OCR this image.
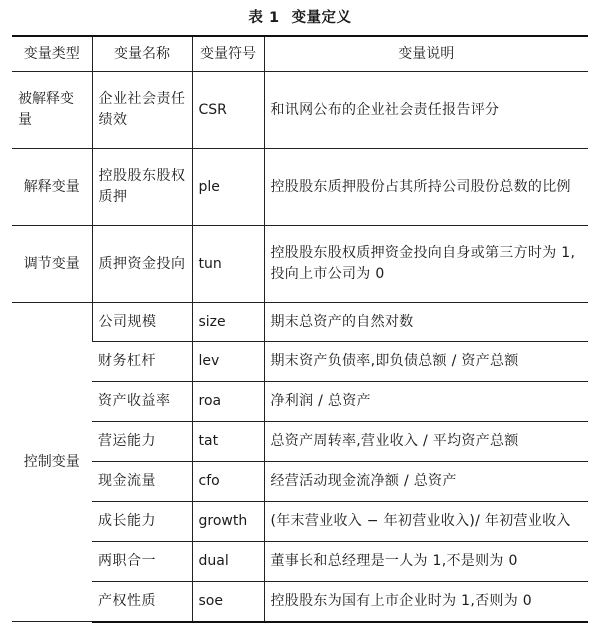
表 1 变量定义
变量类型	变量名称	变量符号	变量说明
被解释变量	企业社会责任绩效	CSR	和讯网公布的企业社会责任报告评分
解释变量	控股股东股权质押	ple	控股股东质押股份占其所持公司股份总数的比例
调节变量	质押资金投向	tun	控股股东股权质押资金投向自身或第三方时为 1,投向上市公司为 0
控制变量	公司规模	size	期末总资产的自然对数
	财务杠杆	lev	期末资产负债率,即负债总额 / 资产总额
	资产收益率	roa	净利润 / 总资产
	营运能力	tat	总资产周转率,营业收入 / 平均资产总额
	现金流量	cfo	经营活动现金流净额 / 总资产
	成长能力	growth	(年末营业收入 − 年初营业收入)/ 年初营业收入
	两职合一	dual	董事长和总经理是一人为 1,不是则为 0
	产权性质	soe	控股股东为国有上市企业时为 1,否则为 0
